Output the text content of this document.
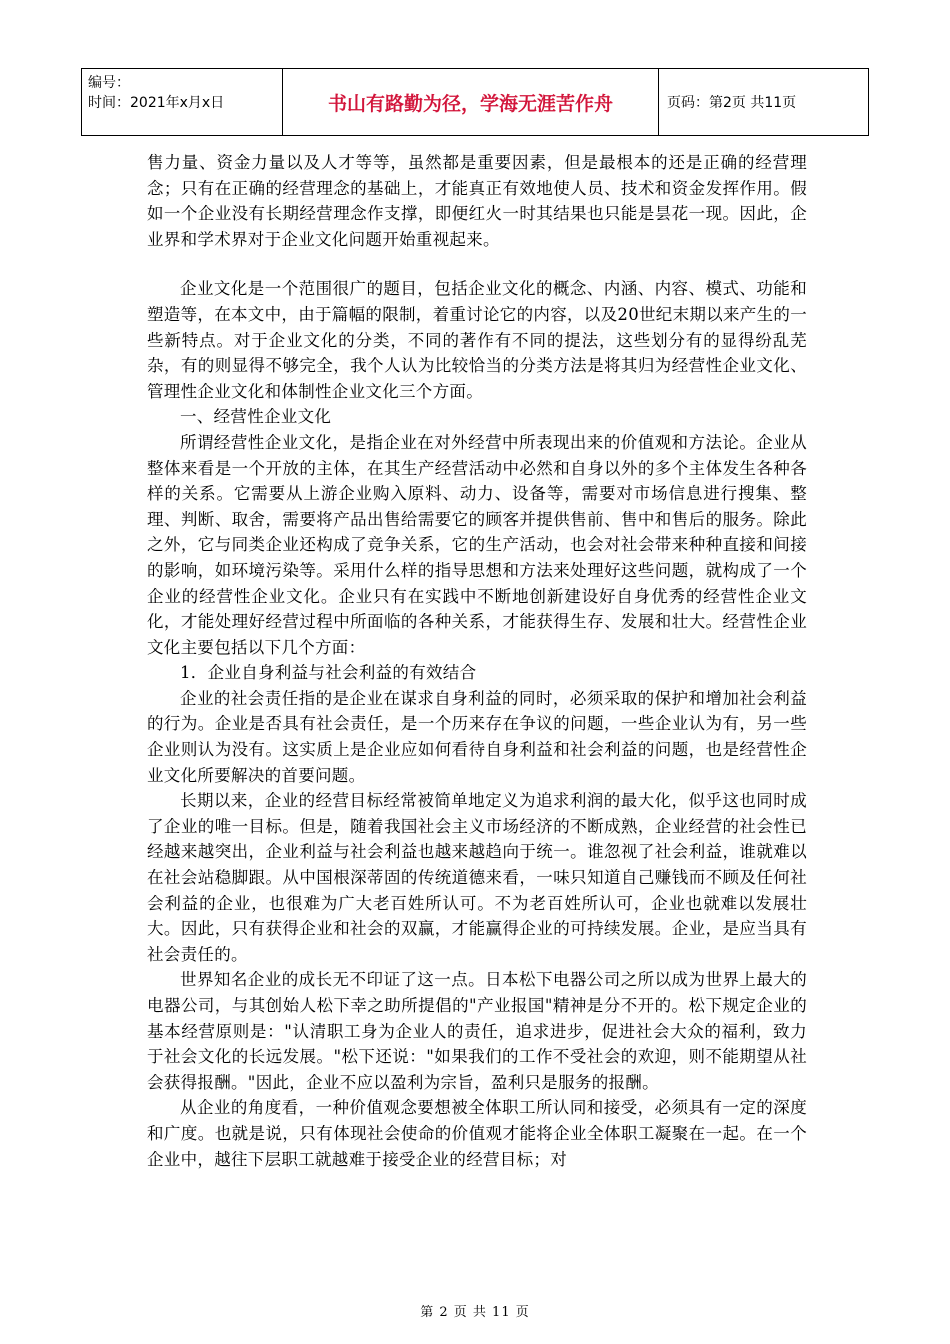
编号：
时间：2021年x月x日	书山有路勤为径，学海无涯苦作舟	页码：第2页 共11页

售力量、资金力量以及人才等等，虽然都是重要因素，但是最根本的还是正确的经营理念；只有在正确的经营理念的基础上，才能真正有效地使人员、技术和资金发挥作用。假如一个企业没有长期经营理念作支撑，即便红火一时其结果也只能是昙花一现。因此，企业界和学术界对于企业文化问题开始重视起来。

企业文化是一个范围很广的题目，包括企业文化的概念、内涵、内容、模式、功能和塑造等，在本文中，由于篇幅的限制，着重讨论它的内容，以及20世纪末期以来产生的一些新特点。对于企业文化的分类，不同的著作有不同的提法，这些划分有的显得纷乱芜杂，有的则显得不够完全，我个人认为比较恰当的分类方法是将其归为经营性企业文化、管理性企业文化和体制性企业文化三个方面。

一、经营性企业文化

所谓经营性企业文化，是指企业在对外经营中所表现出来的价值观和方法论。企业从整体来看是一个开放的主体，在其生产经营活动中必然和自身以外的多个主体发生各种各样的关系。它需要从上游企业购入原料、动力、设备等，需要对市场信息进行搜集、整理、判断、取舍，需要将产品出售给需要它的顾客并提供售前、售中和售后的服务。除此之外，它与同类企业还构成了竞争关系，它的生产活动，也会对社会带来种种直接和间接的影响，如环境污染等。采用什么样的指导思想和方法来处理好这些问题，就构成了一个企业的经营性企业文化。企业只有在实践中不断地创新建设好自身优秀的经营性企业文化，才能处理好经营过程中所面临的各种关系，才能获得生存、发展和壮大。经营性企业文化主要包括以下几个方面：

1．企业自身利益与社会利益的有效结合

企业的社会责任指的是企业在谋求自身利益的同时，必须采取的保护和增加社会利益的行为。企业是否具有社会责任，是一个历来存在争议的问题，一些企业认为有，另一些企业则认为没有。这实质上是企业应如何看待自身利益和社会利益的问题，也是经营性企业文化所要解决的首要问题。

长期以来，企业的经营目标经常被简单地定义为追求利润的最大化，似乎这也同时成了企业的唯一目标。但是，随着我国社会主义市场经济的不断成熟，企业经营的社会性已经越来越突出，企业利益与社会利益也越来越趋向于统一。谁忽视了社会利益，谁就难以在社会站稳脚跟。从中国根深蒂固的传统道德来看，一味只知道自己赚钱而不顾及任何社会利益的企业，也很难为广大老百姓所认可。不为老百姓所认可，企业也就难以发展壮大。因此，只有获得企业和社会的双赢，才能赢得企业的可持续发展。企业，是应当具有社会责任的。

世界知名企业的成长无不印证了这一点。日本松下电器公司之所以成为世界上最大的电器公司，与其创始人松下幸之助所提倡的"产业报国"精神是分不开的。松下规定企业的基本经营原则是："认清职工身为企业人的责任，追求进步，促进社会大众的福利，致力于社会文化的长远发展。"松下还说："如果我们的工作不受社会的欢迎，则不能期望从社会获得报酬。"因此，企业不应以盈利为宗旨，盈利只是服务的报酬。

从企业的角度看，一种价值观念要想被全体职工所认同和接受，必须具有一定的深度和广度。也就是说，只有体现社会使命的价值观才能将企业全体职工凝聚在一起。在一个企业中，越往下层职工就越难于接受企业的经营目标；对

第 2 页 共 11 页
